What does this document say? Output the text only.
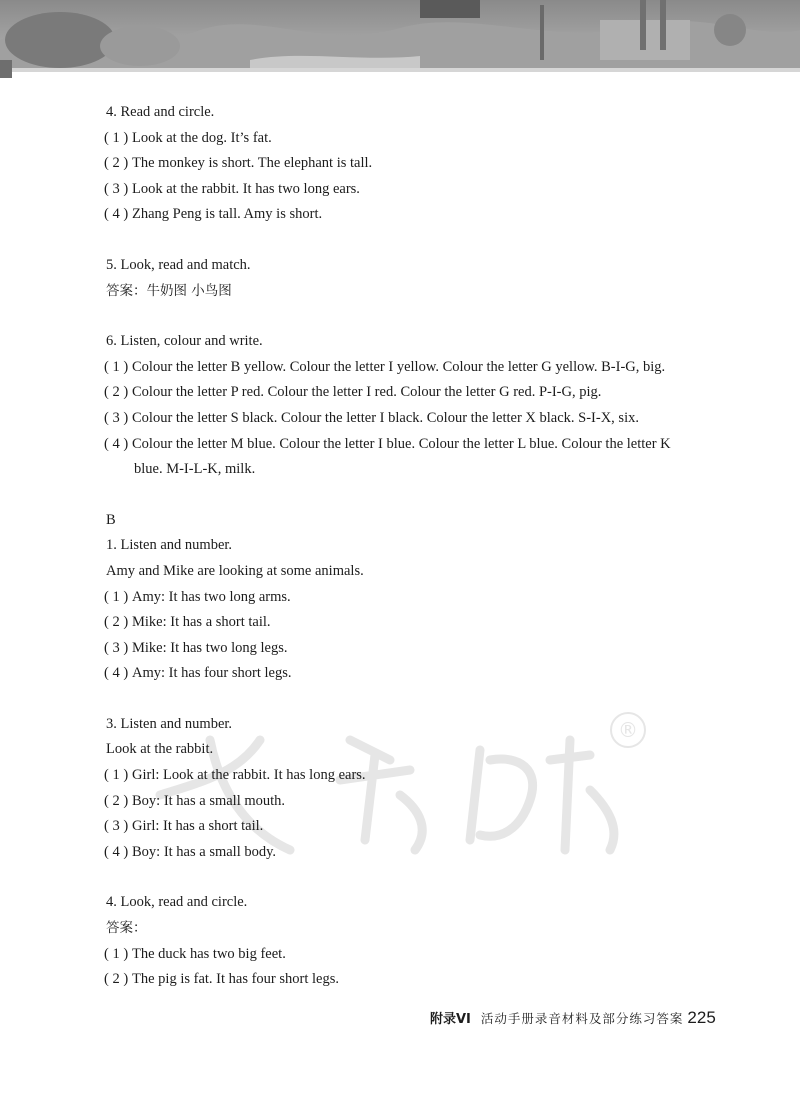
®
4. Read and circle.
( 1 ) Look at the dog. It’s fat.
( 2 ) The monkey is short. The elephant is tall.
( 3 ) Look at the rabbit. It has two long ears.
( 4 ) Zhang Peng is tall. Amy is short.
5. Look, read and match.
答案：牛奶图 小鸟图
6. Listen, colour and write.
( 1 ) Colour the letter B yellow. Colour the letter I yellow. Colour the letter G yellow. B-I-G, big.
( 2 ) Colour the letter P red. Colour the letter I red. Colour the letter G red. P-I-G, pig.
( 3 ) Colour the letter S black. Colour the letter I black. Colour the letter X black. S-I-X, six.
( 4 ) Colour the letter M blue. Colour the letter I blue. Colour the letter L blue. Colour the letter K
blue. M-I-L-K, milk.
B
1. Listen and number.
Amy and Mike are looking at some animals.
( 1 ) Amy: It has two long arms.
( 2 ) Mike: It has a short tail.
( 3 ) Mike: It has two long legs.
( 4 ) Amy: It has four short legs.
3. Listen and number.
Look at the rabbit.
( 1 ) Girl: Look at the rabbit. It has long ears.
( 2 ) Boy: It has a small mouth.
( 3 ) Girl: It has a short tail.
( 4 ) Boy: It has a small body.
4. Look, read and circle.
答案：
( 1 ) The duck has two big feet.
( 2 ) The pig is fat. It has four short legs.
附录VI 活动手册录音材料及部分练习答案 225
